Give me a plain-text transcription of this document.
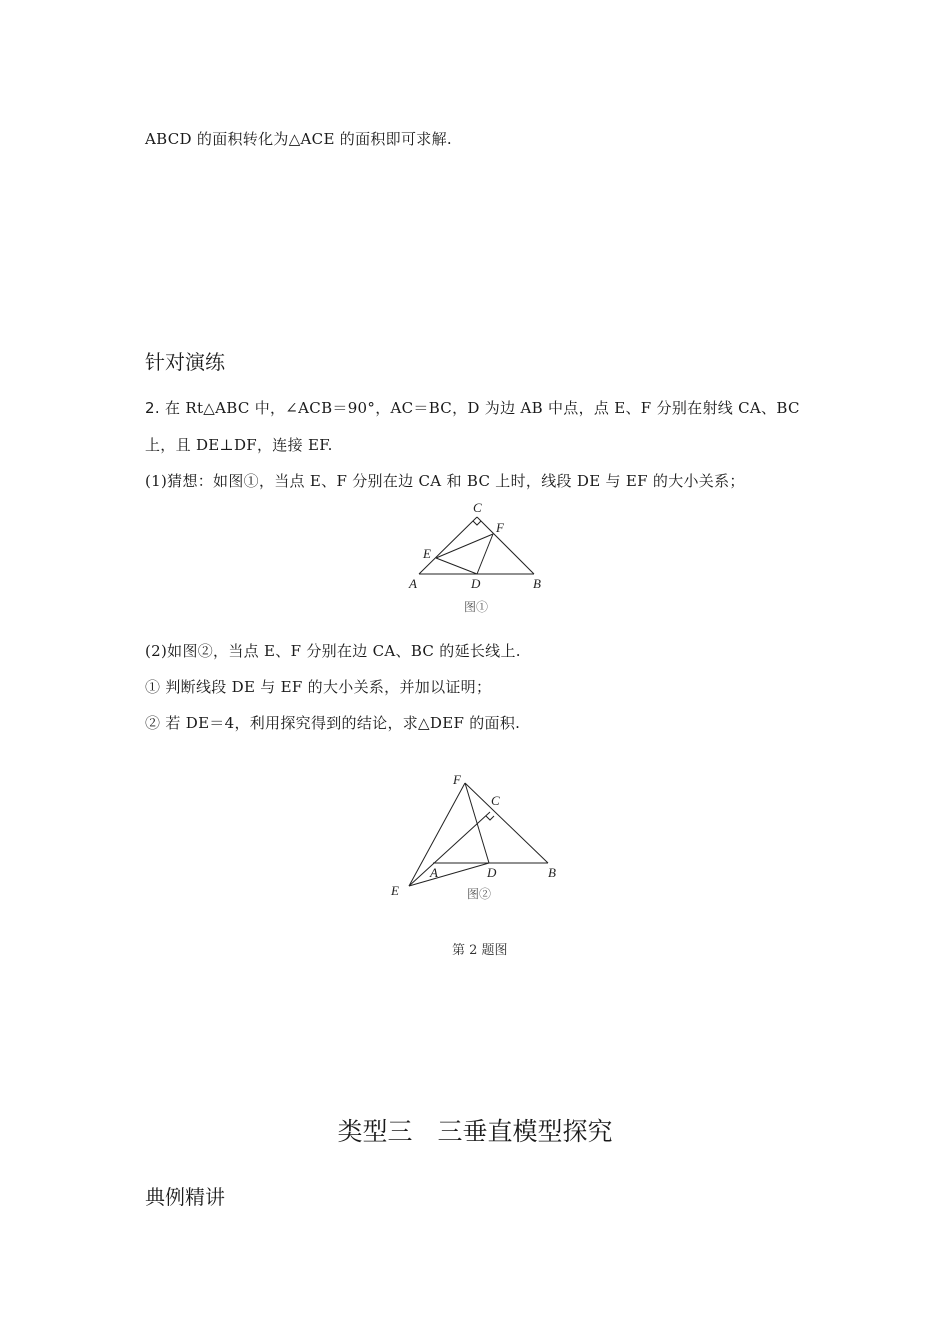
ABCD 的面积转化为△ACE 的面积即可求解.
针对演练
2. 在 Rt△ABC 中，∠ACB＝90°，AC＝BC，D 为边 AB 中点，点 E、F 分别在射线 CA、BC
上，且 DE⊥DF，连接 EF.
(1)猜想：如图①，当点 E、F 分别在边 CA 和 BC 上时，线段 DE 与 EF 的大小关系；
C
F
E
A	D	B
图①
F
C
A	D	B
E	图②
(2)如图②，当点 E、F 分别在边 CA、BC 的延长线上.
① 判断线段 DE 与 EF 的大小关系，并加以证明；
② 若 DE＝4，利用探究得到的结论，求△DEF 的面积.
第 2 题图
类型三　三垂直模型探究
典例精讲
